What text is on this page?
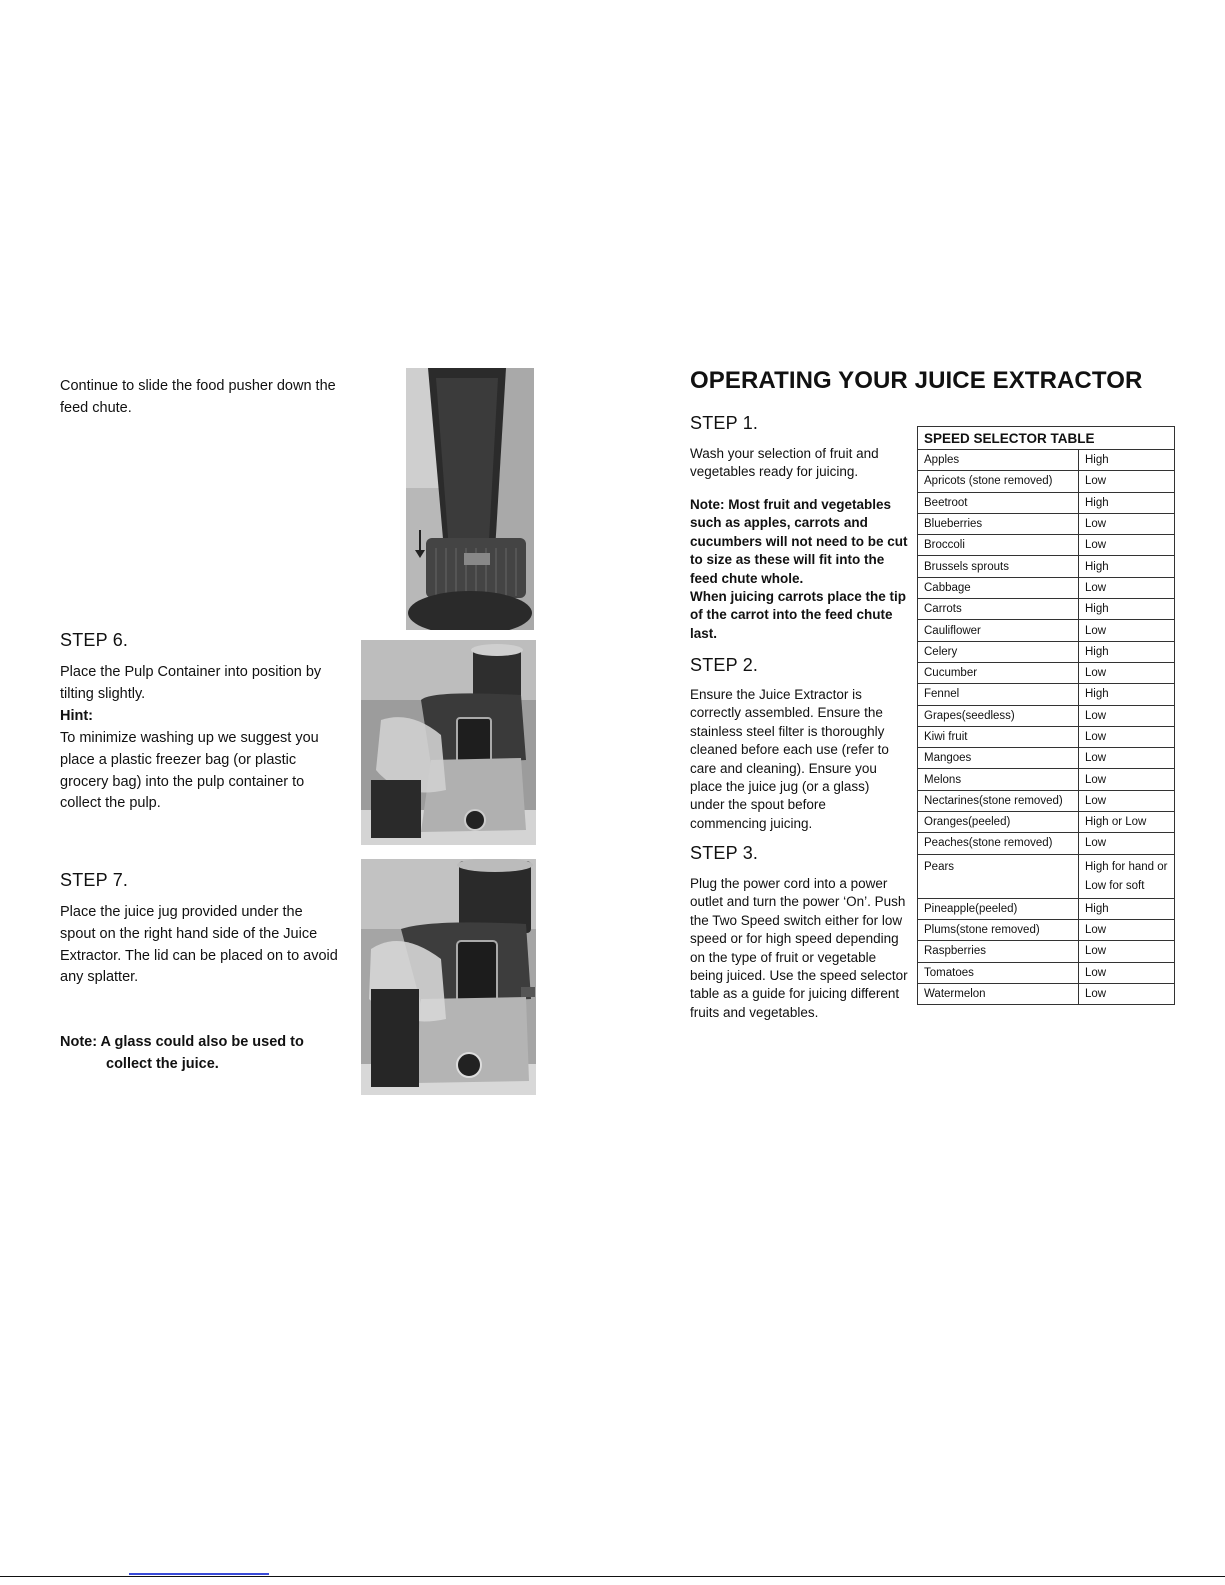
Continue to slide the food pusher down the feed chute.
STEP 6.
Place the Pulp Container into position by tilting slightly.
Hint:
To minimize washing up we suggest you place a plastic freezer bag (or plastic grocery bag) into the pulp container to collect the pulp.
STEP 7.
Place the juice jug provided under the spout on the right hand side of the Juice Extractor. The lid can be placed on to avoid any splatter.
Note: A glass could also be used to
collect the juice.
OPERATING YOUR JUICE EXTRACTOR
STEP 1.
Wash your selection of fruit and vegetables ready for juicing.
Note: Most fruit and vegetables such as apples, carrots and cucumbers will not need to be cut to size as these will fit into the feed chute whole.
When juicing carrots place the tip of the carrot into the feed chute last.
STEP 2.
Ensure the Juice Extractor is correctly assembled. Ensure the stainless steel filter is thoroughly cleaned before each use (refer to care and cleaning). Ensure you place the juice jug (or a glass) under the spout before commencing juicing.
STEP 3.
Plug the power cord into a power outlet and turn the power ‘On’. Push the Two Speed switch either for low speed or for high speed depending on the type of fruit or vegetable being juiced. Use the speed selector table as a guide for juicing different fruits and vegetables.
SPEED SELECTOR TABLE	
Apples	High
Apricots (stone removed)	Low
Beetroot	High
Blueberries	Low
Broccoli	Low
Brussels sprouts	High
Cabbage	Low
Carrots	High
Cauliflower	Low
Celery	High
Cucumber	Low
Fennel	High
Grapes(seedless)	Low
Kiwi fruit	Low
Mangoes	Low
Melons	Low
Nectarines(stone removed)	Low
Oranges(peeled)	High or Low
Peaches(stone removed)	Low
Pears	High for hand or Low for soft
Pineapple(peeled)	High
Plums(stone removed)	Low
Raspberries	Low
Tomatoes	Low
Watermelon	Low
